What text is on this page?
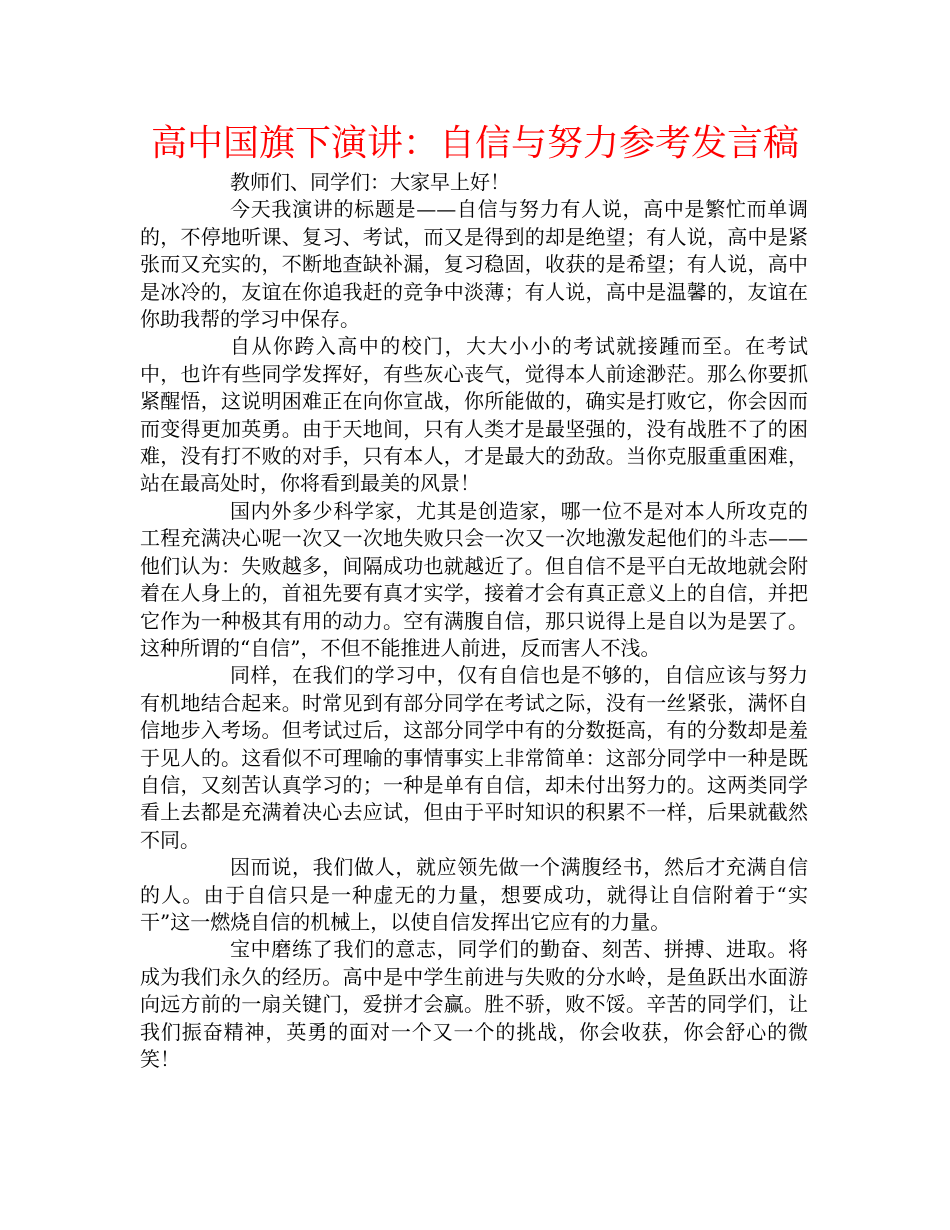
高中国旗下演讲：自信与努力参考发言稿

教师们、同学们：大家早上好！

今天我演讲的标题是——自信与努力有人说，高中是繁忙而单调的，不停地听课、复习、考试，而又是得到的却是绝望；有人说，高中是紧张而又充实的，不断地查缺补漏，复习稳固，收获的是希望；有人说，高中是冰冷的，友谊在你追我赶的竞争中淡薄；有人说，高中是温馨的，友谊在你助我帮的学习中保存。

自从你跨入高中的校门，大大小小的考试就接踵而至。在考试中，也许有些同学发挥好，有些灰心丧气，觉得本人前途渺茫。那么你要抓紧醒悟，这说明困难正在向你宣战，你所能做的，确实是打败它，你会因而而变得更加英勇。由于天地间，只有人类才是最坚强的，没有战胜不了的困难，没有打不败的对手，只有本人，才是最大的劲敌。当你克服重重困难，站在最高处时，你将看到最美的风景！

国内外多少科学家，尤其是创造家，哪一位不是对本人所攻克的工程充满决心呢一次又一次地失败只会一次又一次地激发起他们的斗志——他们认为：失败越多，间隔成功也就越近了。但自信不是平白无故地就会附着在人身上的，首祖先要有真才实学，接着才会有真正意义上的自信，并把它作为一种极其有用的动力。空有满腹自信，那只说得上是自以为是罢了。这种所谓的“自信”，不但不能推进人前进，反而害人不浅。

同样，在我们的学习中，仅有自信也是不够的，自信应该与努力有机地结合起来。时常见到有部分同学在考试之际，没有一丝紧张，满怀自信地步入考场。但考试过后，这部分同学中有的分数挺高，有的分数却是羞于见人的。这看似不可理喻的事情事实上非常简单：这部分同学中一种是既自信，又刻苦认真学习的；一种是单有自信，却未付出努力的。这两类同学看上去都是充满着决心去应试，但由于平时知识的积累不一样，后果就截然不同。

因而说，我们做人，就应领先做一个满腹经书，然后才充满自信的人。由于自信只是一种虚无的力量，想要成功，就得让自信附着于“实干”这一燃烧自信的机械上，以使自信发挥出它应有的力量。

宝中磨练了我们的意志，同学们的勤奋、刻苦、拼搏、进取。将成为我们永久的经历。高中是中学生前进与失败的分水岭，是鱼跃出水面游向远方前的一扇关键门，爱拼才会赢。胜不骄，败不馁。辛苦的同学们，让我们振奋精神，英勇的面对一个又一个的挑战，你会收获，你会舒心的微笑！
